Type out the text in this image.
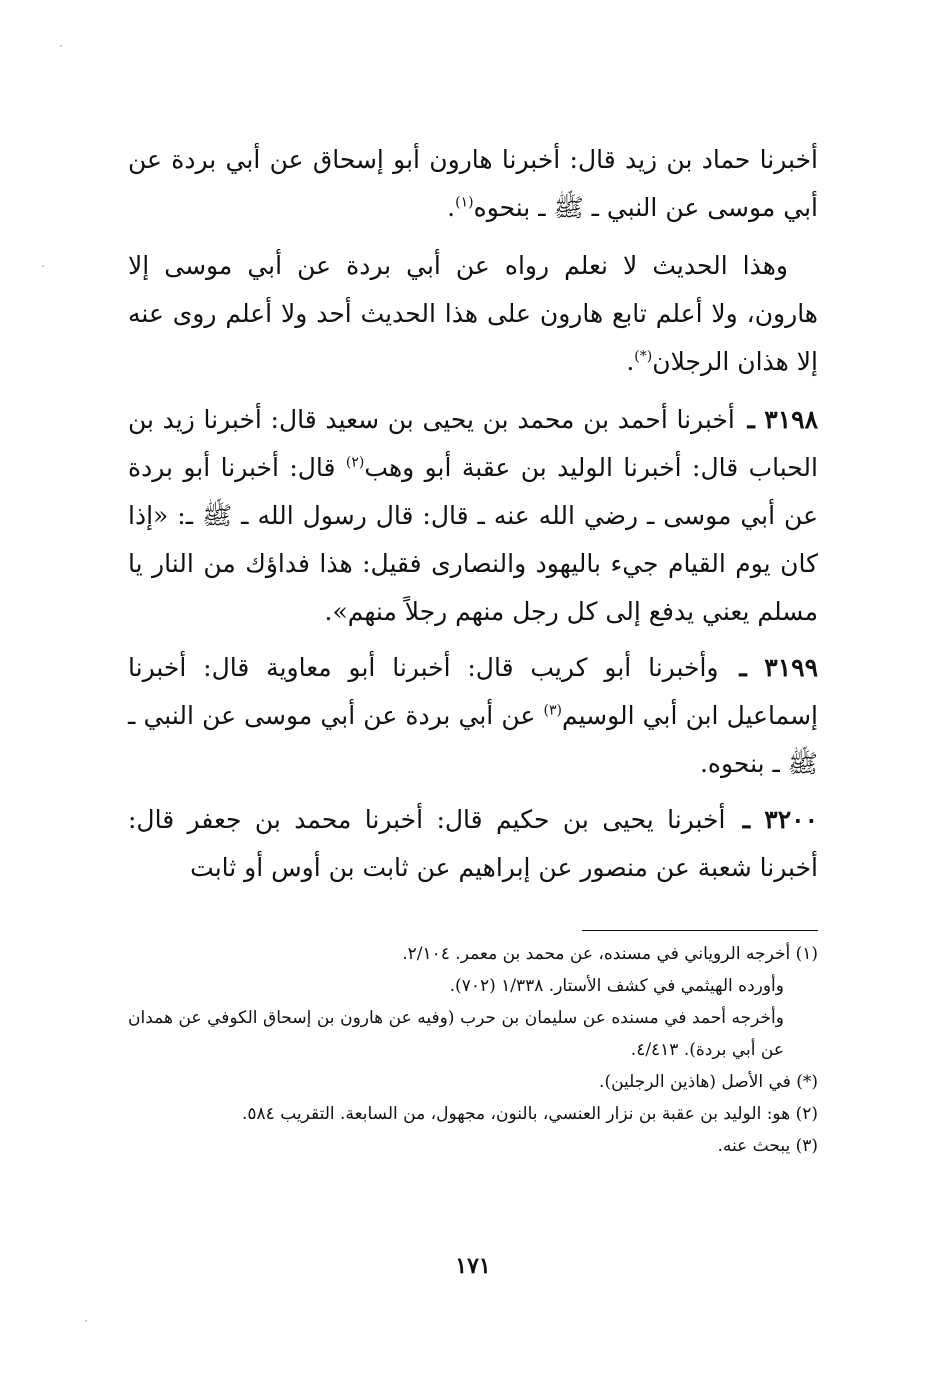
أخبرنا حماد بن زيد قال: أخبرنا هارون أبو إسحاق عن أبي بردة عن أبي موسى عن النبي ـ ﷺ ـ بنحوه$^{(١)}$.

وهذا الحديث لا نعلم رواه عن أبي بردة عن أبي موسى إلا هارون، ولا أعلم تابع هارون على هذا الحديث أحد ولا أعلم روى عنه إلا هذان الرجلان(*).

٣١٩٨ ـ أخبرنا أحمد بن محمد بن يحيى بن سعيد قال: أخبرنا زيد بن الحباب قال: أخبرنا الوليد بن عقبة أبو وهب$^{(٢)}$ قال: أخبرنا أبو بردة عن أبي موسى ـ رضي الله عنه ـ قال: قال رسول الله ـ ﷺ ـ: «إذا كان يوم القيام جيء باليهود والنصارى فقيل: هذا فداؤك من النار يا مسلم يعني يدفع إلى كل رجل منهم رجلاً منهم».

٣١٩٩ ـ وأخبرنا أبو كريب قال: أخبرنا أبو معاوية قال: أخبرنا إسماعيل ابن أبي الوسيم$^{(٣)}$ عن أبي بردة عن أبي موسى عن النبي ـ ﷺ ـ بنحوه.

٣٢٠٠ ـ أخبرنا يحيى بن حكيم قال: أخبرنا محمد بن جعفر قال: أخبرنا شعبة عن منصور عن إبراهيم عن ثابت بن أوس أو ثابت

(١) أخرجه الروياني في مسنده، عن محمد بن معمر. ٢/١٠٤.

وأورده الهيثمي في كشف الأستار. ١/٣٣٨ (٧٠٢).

وأخرجه أحمد في مسنده عن سليمان بن حرب (وفيه عن هارون بن إسحاق الكوفي عن همدان عن أبي بردة). ٤/٤١٣.

(*) في الأصل (هاذين الرجلين).

(٢) هو: الوليد بن عقبة بن نزار العنسي، بالنون، مجهول، من السابعة. التقريب ٥٨٤.

(٣) يبحث عنه.

١٧١
